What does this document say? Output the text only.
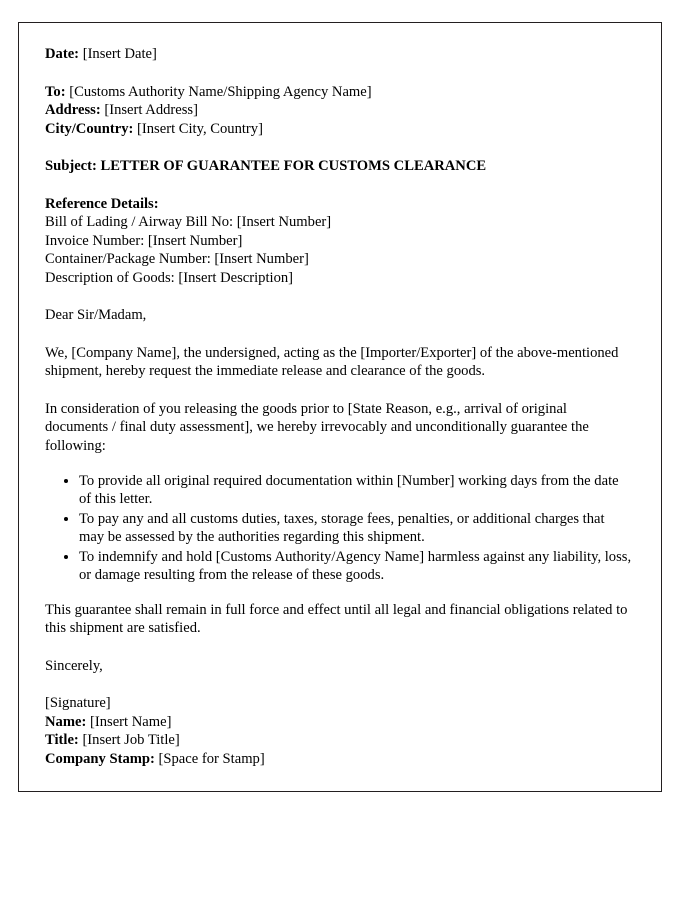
Date: [Insert Date]
To: [Customs Authority Name/Shipping Agency Name]
Address: [Insert Address]
City/Country: [Insert City, Country]
Subject: LETTER OF GUARANTEE FOR CUSTOMS CLEARANCE
Reference Details:
Bill of Lading / Airway Bill No: [Insert Number]
Invoice Number: [Insert Number]
Container/Package Number: [Insert Number]
Description of Goods: [Insert Description]
Dear Sir/Madam,
We, [Company Name], the undersigned, acting as the [Importer/Exporter] of the above-mentioned shipment, hereby request the immediate release and clearance of the goods.
In consideration of you releasing the goods prior to [State Reason, e.g., arrival of original documents / final duty assessment], we hereby irrevocably and unconditionally guarantee the following:
• To provide all original required documentation within [Number] working days from the date of this letter.
• To pay any and all customs duties, taxes, storage fees, penalties, or additional charges that may be assessed by the authorities regarding this shipment.
• To indemnify and hold [Customs Authority/Agency Name] harmless against any liability, loss, or damage resulting from the release of these goods.
This guarantee shall remain in full force and effect until all legal and financial obligations related to this shipment are satisfied.
Sincerely,
[Signature]
Name: [Insert Name]
Title: [Insert Job Title]
Company Stamp: [Space for Stamp]
